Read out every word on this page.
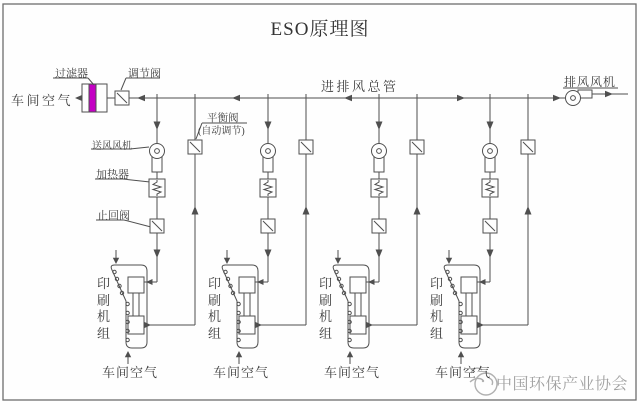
ESO原理图
车间空气
过滤器	调节阀
进排风总管	排风风机
送风风机
加热器
止回阀
平衡阀
(自动调节)
印刷机组
印刷机组
印刷机组
印刷机组
车间空气	车间空气	车间空气	车间空气
中国环保产业协会
